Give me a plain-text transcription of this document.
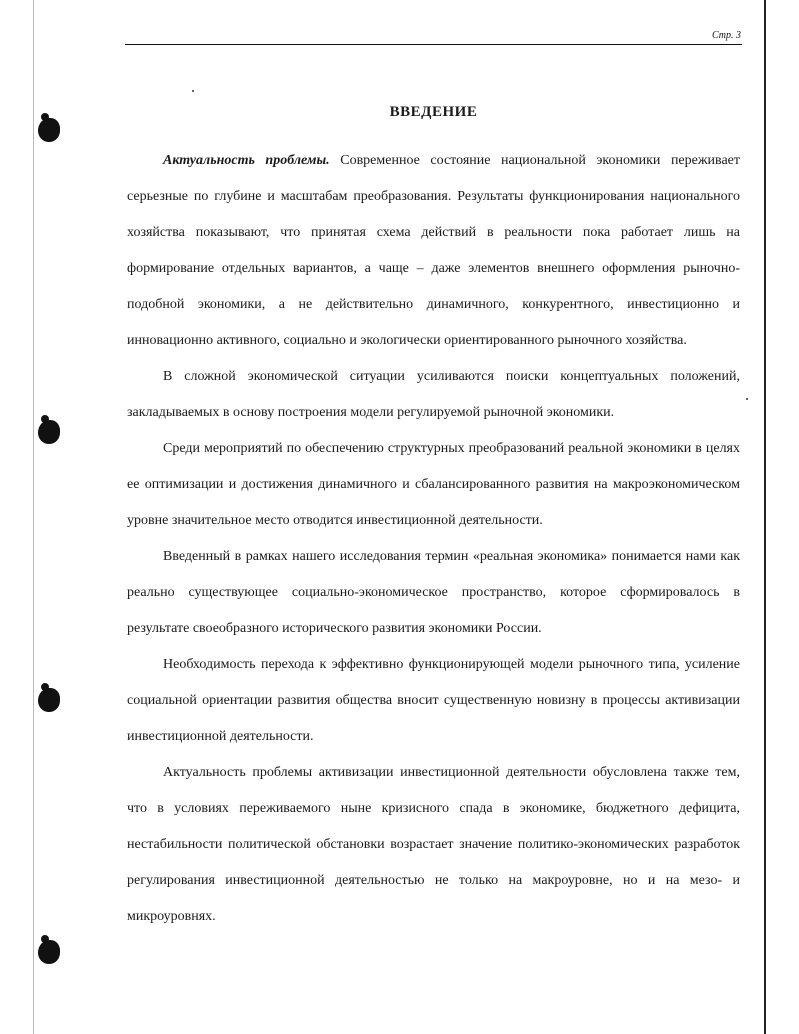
Стр. 3
ВВЕДЕНИЕ

Актуальность проблемы. Современное состояние национальной экономики переживает серьезные по глубине и масштабам преобразования. Результаты функционирования национального хозяйства показывают, что принятая схема действий в реальности пока работает лишь на формирование отдельных вариантов, а чаще – даже элементов внешнего оформления рыночно-подобной экономики, а не действительно динамичного, конкурентного, инвестиционно и инновационно активного, социально и экологически ориентированного рыночного хозяйства.

В сложной экономической ситуации усиливаются поиски концептуальных положений, закладываемых в основу построения модели регулируемой рыночной экономики.

Среди мероприятий по обеспечению структурных преобразований реальной экономики в целях ее оптимизации и достижения динамичного и сбалансированного развития на макроэкономическом уровне значительное место отводится инвестиционной деятельности.

Введенный в рамках нашего исследования термин «реальная экономика» понимается нами как реально существующее социально-экономическое пространство, которое сформировалось в результате своеобразного исторического развития экономики России.

Необходимость перехода к эффективно функционирующей модели рыночного типа, усиление социальной ориентации развития общества вносит существенную новизну в процессы активизации инвестиционной деятельности.

Актуальность проблемы активизации инвестиционной деятельности обусловлена также тем, что в условиях переживаемого ныне кризисного спада в экономике, бюджетного дефицита, нестабильности политической обстановки возрастает значение политико-экономических разработок регулирования инвестиционной деятельностью не только на макроуровне, но и на мезо- и микроуровнях.
